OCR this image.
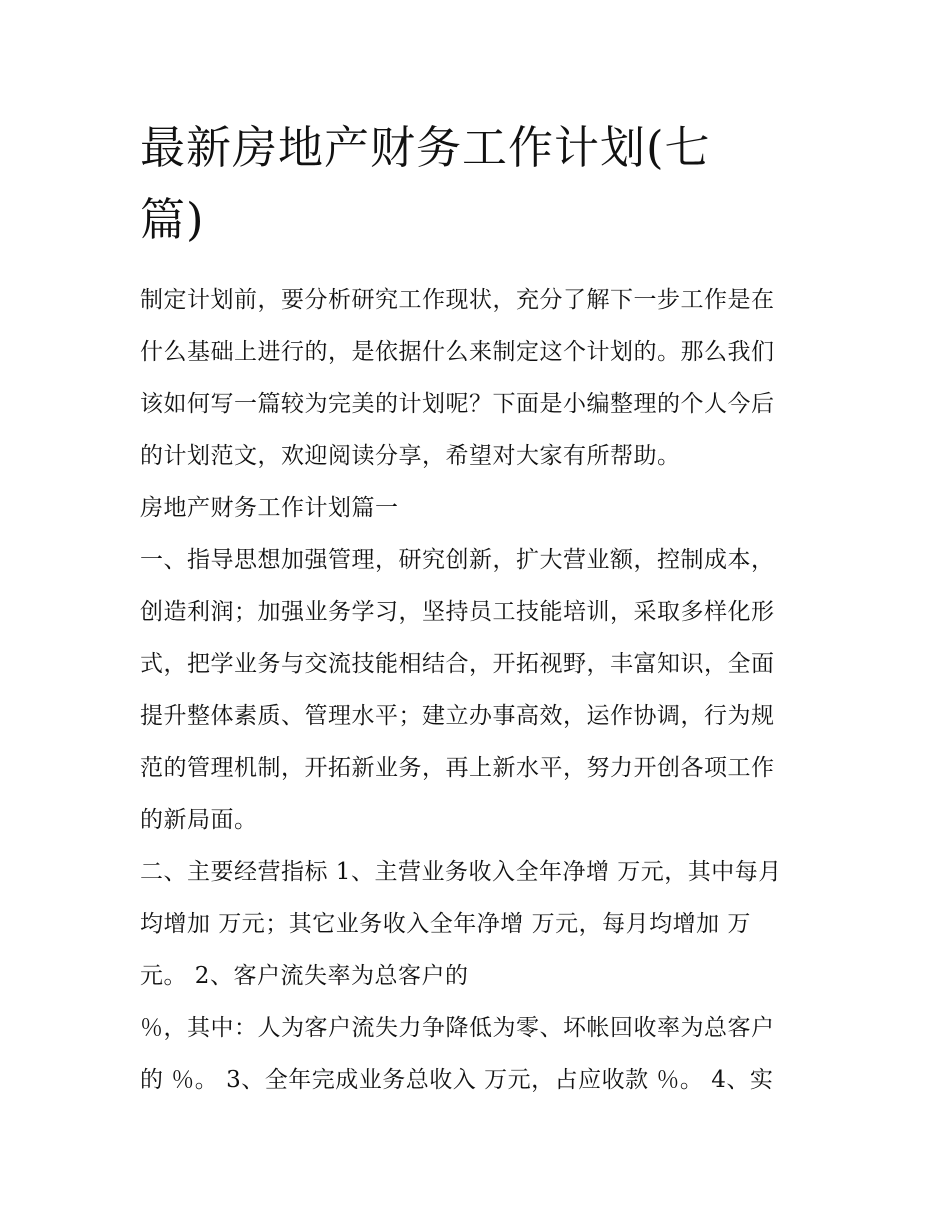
最新房地产财务工作计划(七
篇)
制定计划前，要分析研究工作现状，充分了解下一步工作是在
什么基础上进行的，是依据什么来制定这个计划的。那么我们
该如何写一篇较为完美的计划呢？下面是小编整理的个人今后
的计划范文，欢迎阅读分享，希望对大家有所帮助。
房地产财务工作计划篇一
一、指导思想加强管理，研究创新，扩大营业额，控制成本，
创造利润；加强业务学习，坚持员工技能培训，采取多样化形
式，把学业务与交流技能相结合，开拓视野，丰富知识，全面
提升整体素质、管理水平；建立办事高效，运作协调，行为规
范的管理机制，开拓新业务，再上新水平，努力开创各项工作
的新局面。
二、主要经营指标 1、主营业务收入全年净增 万元，其中每月
均增加 万元；其它业务收入全年净增 万元，每月均增加 万
元。 2、客户流失率为总客户的
％，其中：人为客户流失力争降低为零、坏帐回收率为总客户
的 ％。 3、全年完成业务总收入 万元，占应收款 ％。 4、实
